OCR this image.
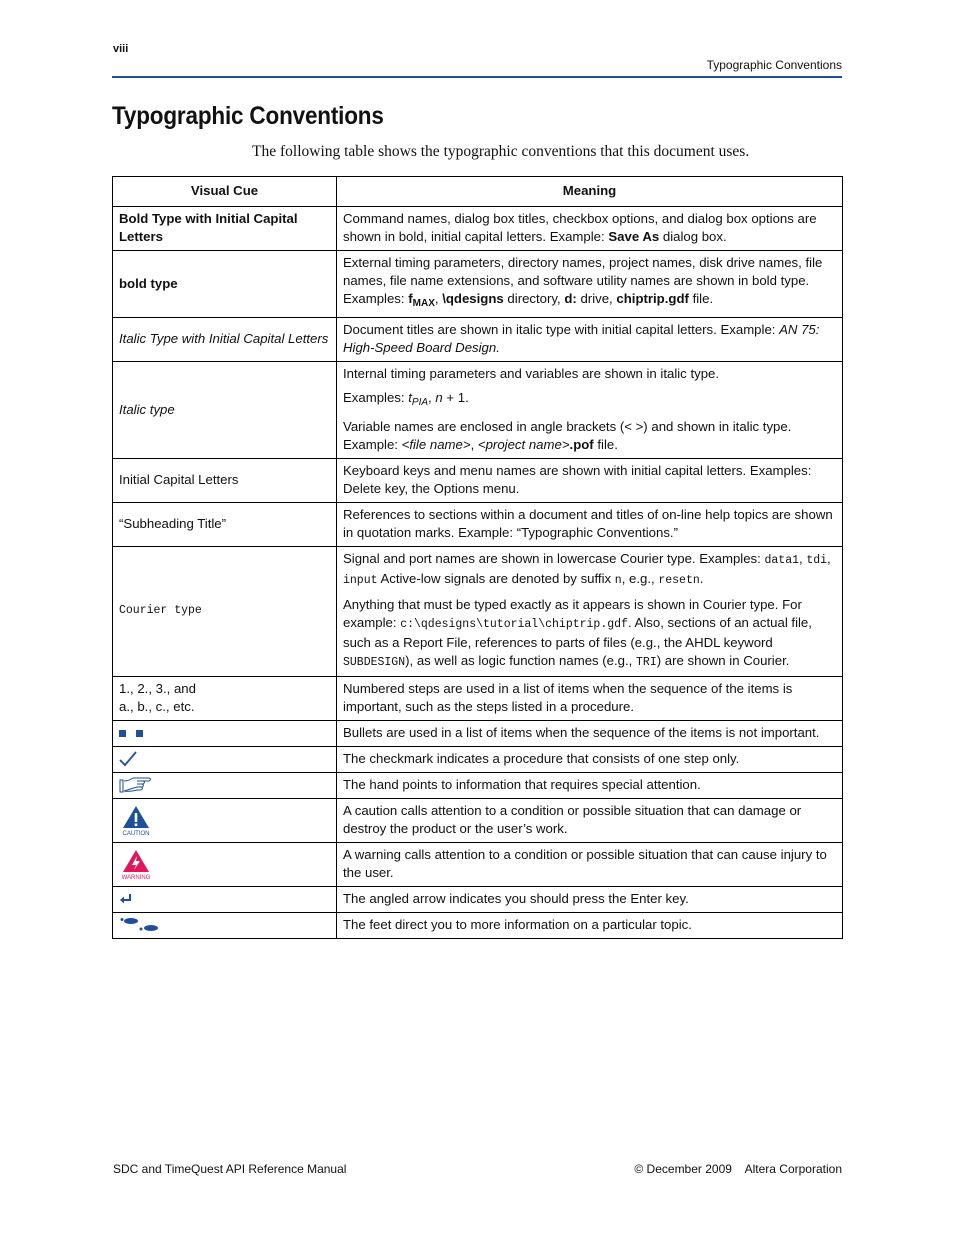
viii
Typographic Conventions
Typographic Conventions

The following table shows the typographic conventions that this document uses.

Visual Cue	Meaning
Bold Type with Initial Capital Letters	Command names, dialog box titles, checkbox options, and dialog box options are shown in bold, initial capital letters. Example: Save As dialog box.
bold type	External timing parameters, directory names, project names, disk drive names, file names, file name extensions, and software utility names are shown in bold type. Examples: $f_{MAX}$, \qdesigns directory, d: drive, chiptrip.gdf file.
Italic Type with Initial Capital Letters	Document titles are shown in italic type with initial capital letters. Example: AN 75: High-Speed Board Design.
Italic type	Internal timing parameters and variables are shown in italic type.

Examples: $t_{PIA}$, n + 1.

Variable names are enclosed in angle brackets (< >) and shown in italic type. Example: <file name>, <project name>.pof file.

Initial Capital Letters	Keyboard keys and menu names are shown with initial capital letters. Examples: Delete key, the Options menu.
“Subheading Title”	References to sections within a document and titles of on-line help topics are shown in quotation marks. Example: “Typographic Conventions.”
Courier type	Signal and port names are shown in lowercase Courier type. Examples: data1, tdi, input Active-low signals are denoted by suffix n, e.g., resetn.

Anything that must be typed exactly as it appears is shown in Courier type. For example: c:\qdesigns\tutorial\chiptrip.gdf. Also, sections of an actual file, such as a Report File, references to parts of files (e.g., the AHDL keyword SUBDESIGN), as well as logic function names (e.g., TRI) are shown in Courier.

1., 2., 3., and
a., b., c., etc.	Numbered steps are used in a list of items when the sequence of the items is important, such as the steps listed in a procedure.
	Bullets are used in a list of items when the sequence of the items is not important.

	The checkmark indicates a procedure that consists of one step only.

	The hand points to information that requires special attention.

CAUTION	A caution calls attention to a condition or possible situation that can damage or destroy the product or the user’s work.

WARNING	A warning calls attention to a condition or possible situation that can cause injury to the user.

	The angled arrow indicates you should press the Enter key.

	The feet direct you to more information on a particular topic.
SDC and TimeQuest API Reference Manual	© December 2009    Altera Corporation
